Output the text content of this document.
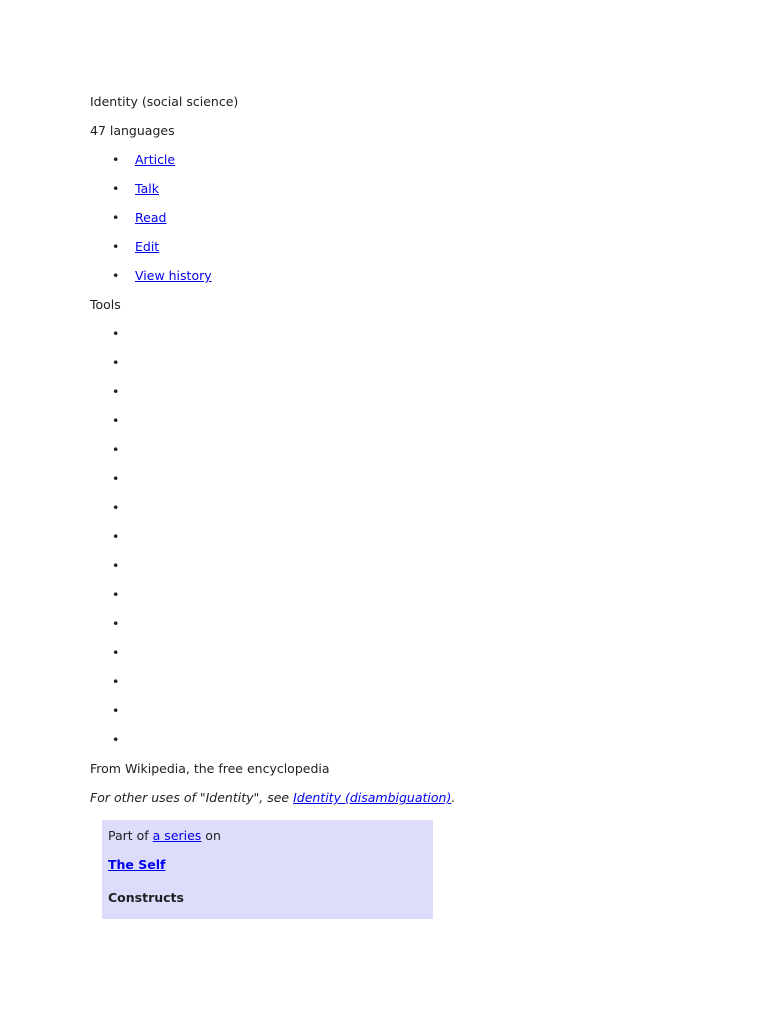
Identity (social science)
47 languages
• Article
• Talk
• Read
• Edit
• View history
Tools
•
•
•
•
•
•
•
•
•
•
•
•
•
•
•
From Wikipedia, the free encyclopedia
For other uses of "Identity", see Identity (disambiguation).
Part of a series on
The Self
Constructs
